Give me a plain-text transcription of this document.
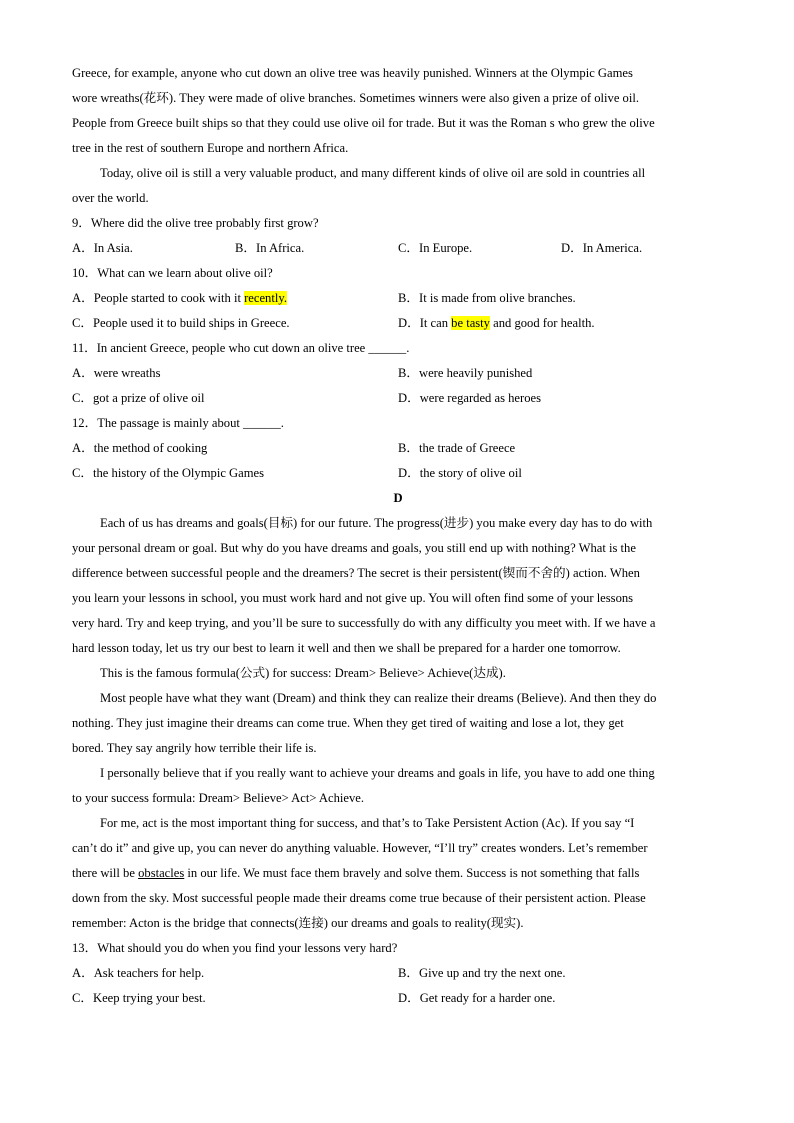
Greece, for example, anyone who cut down an olive tree was heavily punished. Winners at the Olympic Games
wore wreaths(花环). They were made of olive branches. Sometimes winners were also given a prize of olive oil.
People from Greece built ships so that they could use olive oil for trade. But it was the Roman s who grew the olive
tree in the rest of southern Europe and northern Africa.
Today, olive oil is still a very valuable product, and many different kinds of olive oil are sold in countries all
over the world.
9．Where did the olive tree probably first grow?
A．In Asia.	B．In Africa.	C．In Europe.	D．In America.
10．What can we learn about olive oil?
A．People started to cook with it recently.	B．It is made from olive branches.
C．People used it to build ships in Greece.	D．It can be tasty and good for health.
11．In ancient Greece, people who cut down an olive tree ______.
A．were wreaths	B．were heavily punished
C．got a prize of olive oil	D．were regarded as heroes
12．The passage is mainly about ______.
A．the method of cooking	B．the trade of Greece
C．the history of the Olympic Games	D．the story of olive oil
D
Each of us has dreams and goals(目标) for our future. The progress(进步) you make every day has to do with
your personal dream or goal. But why do you have dreams and goals, you still end up with nothing? What is the
difference between successful people and the dreamers? The secret is their persistent(锲而不舍的) action. When
you learn your lessons in school, you must work hard and not give up. You will often find some of your lessons
very hard. Try and keep trying, and you’ll be sure to successfully do with any difficulty you meet with. If we have a
hard lesson today, let us try our best to learn it well and then we shall be prepared for a harder one tomorrow.
This is the famous formula(公式) for success: Dream> Believe> Achieve(达成).
Most people have what they want (Dream) and think they can realize their dreams (Believe). And then they do
nothing. They just imagine their dreams can come true. When they get tired of waiting and lose a lot, they get
bored. They say angrily how terrible their life is.
I personally believe that if you really want to achieve your dreams and goals in life, you have to add one thing
to your success formula: Dream> Believe> Act> Achieve.
For me, act is the most important thing for success, and that’s to Take Persistent Action (Ac). If you say “I
can’t do it” and give up, you can never do anything valuable. However, “I’ll try” creates wonders. Let’s remember
there will be obstacles in our life. We must face them bravely and solve them. Success is not something that falls
down from the sky. Most successful people made their dreams come true because of their persistent action. Please
remember: Acton is the bridge that connects(连接) our dreams and goals to reality(现实).
13．What should you do when you find your lessons very hard?
A．Ask teachers for help.	B．Give up and try the next one.
C．Keep trying your best.	D．Get ready for a harder one.
